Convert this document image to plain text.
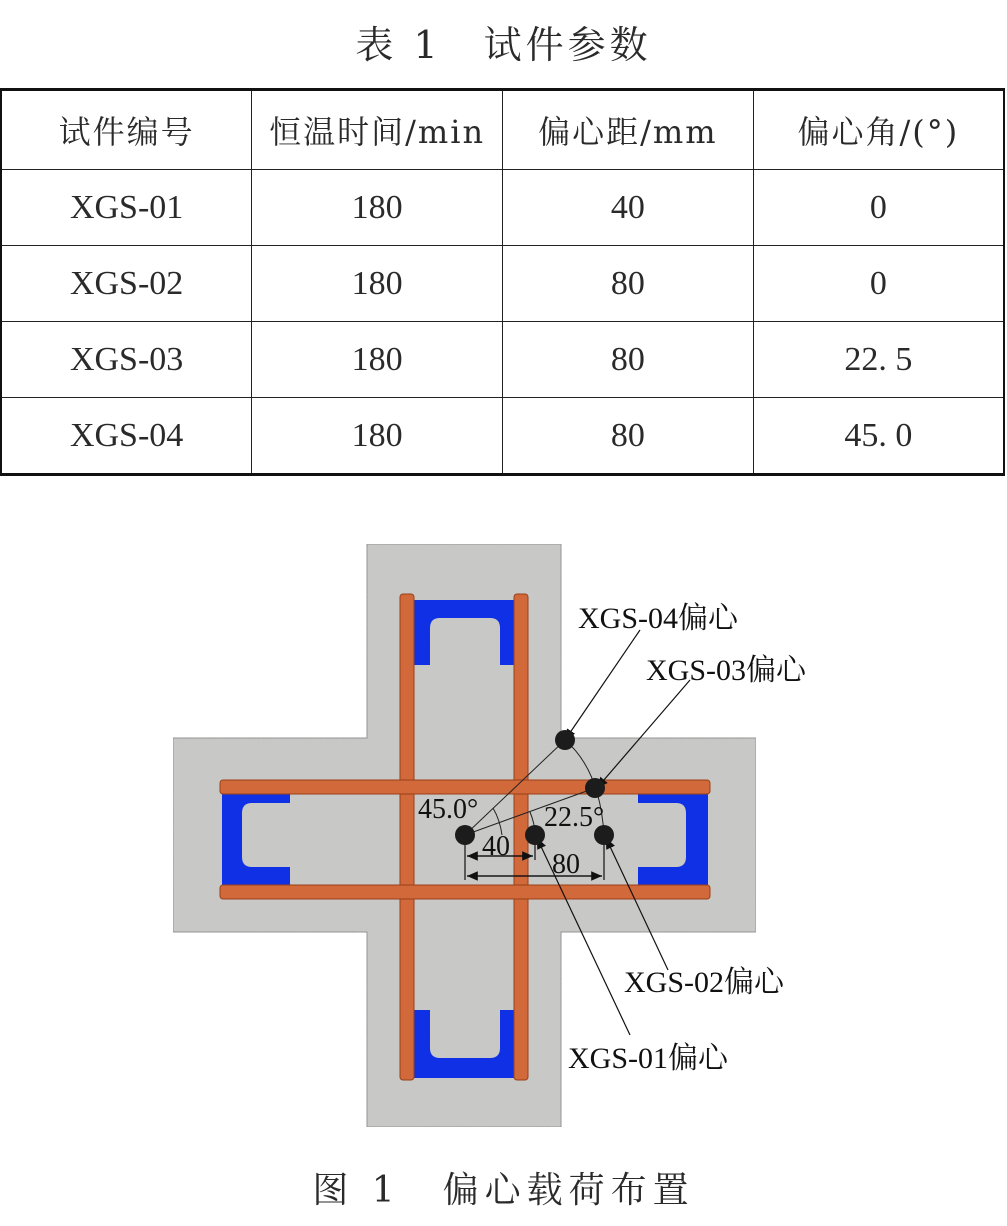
表 1　试件参数
试件编号	恒温时间/min	偏心距/mm	偏心角/(°)
XGS-01	180	40	0
XGS-02	180	80	0
XGS-03	180	80	22. 5
XGS-04	180	80	45. 0
XGS-04偏心
XGS-03偏心
XGS-02偏心
XGS-01偏心
45.0° 22.5°
40
80
图 1　偏心载荷布置
